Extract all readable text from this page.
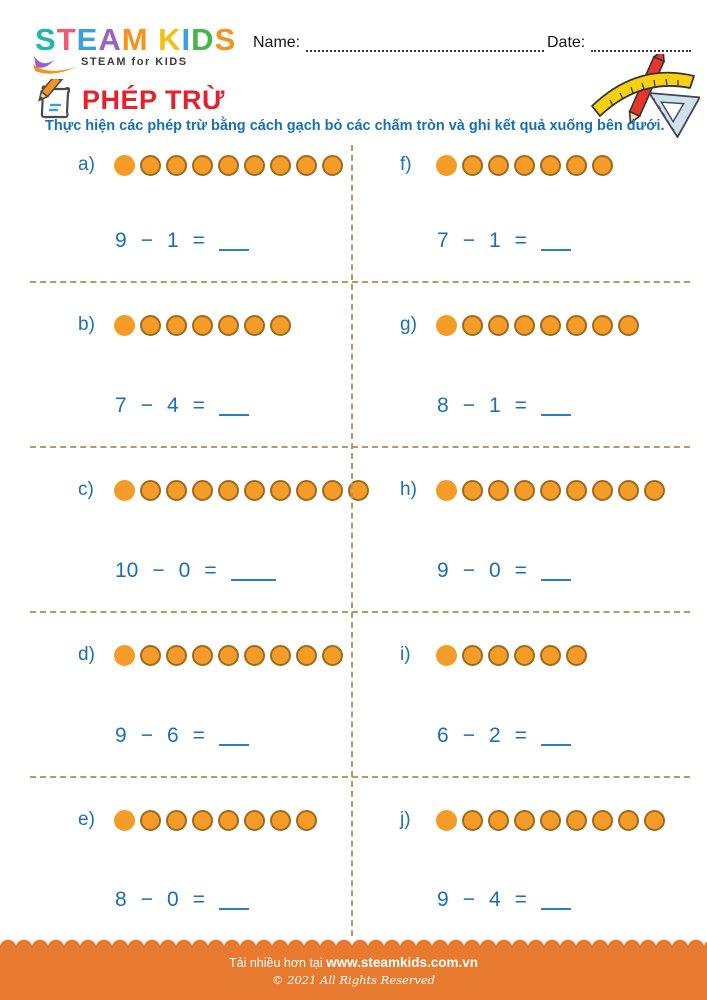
STEAM KIDS
STEAM for KIDS
Name:	Date:
PHÉP TRỪ
Thực hiện các phép trừ bằng cách gạch bỏ các chấm tròn và ghi kết quả xuống bên dưới.
a)
9 − 1 =
f)
7 − 1 =
b)
7 − 4 =
g)
8 − 1 =
c)
10 − 0 =
h)
9 − 0 =
d)
9 − 6 =
i)
6 − 2 =
e)
8 − 0 =
j)
9 − 4 =
Tải nhiều hơn tại www.steamkids.com.vn
© 2021 All Rights Reserved
